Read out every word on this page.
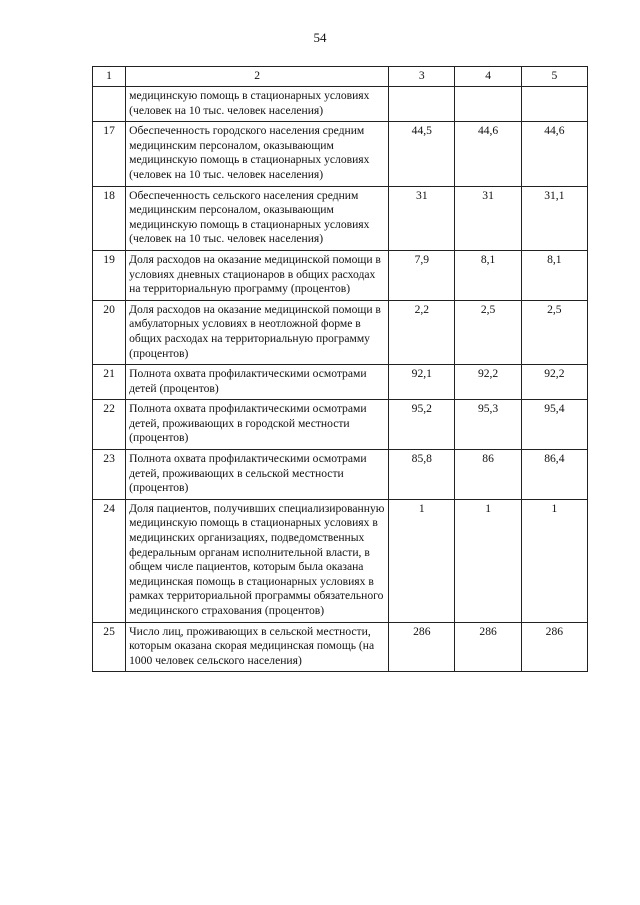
54
1	2	3	4	5
	медицинскую помощь в стационарных условиях (человек на 10 тыс. человек населения)			
17	Обеспеченность городского населения средним медицинским персоналом, оказывающим медицинскую помощь в стационарных условиях (человек на 10 тыс. человек населения)	44,5	44,6	44,6
18	Обеспеченность сельского населения средним медицинским персоналом, оказывающим медицинскую помощь в стационарных условиях (человек на 10 тыс. человек населения)	31	31	31,1
19	Доля расходов на оказание медицинской помощи в условиях дневных стационаров в общих расходах на территориальную программу (процентов)	7,9	8,1	8,1
20	Доля расходов на оказание медицинской помощи в амбулаторных условиях в неотложной форме в общих расходах на территориальную программу (процентов)	2,2	2,5	2,5
21	Полнота охвата профилактическими осмотрами детей (процентов)	92,1	92,2	92,2
22	Полнота охвата профилактическими осмотрами детей, проживающих в городской местности (процентов)	95,2	95,3	95,4
23	Полнота охвата профилактическими осмотрами детей, проживающих в сельской местности (процентов)	85,8	86	86,4
24	Доля пациентов, получивших специализированную медицинскую помощь в стационарных условиях в медицинских организациях, подведомственных федеральным органам исполнительной власти, в общем числе пациентов, которым была оказана медицинская помощь в стационарных условиях в рамках территориальной программы обязательного медицинского страхования (процентов)	1	1	1
25	Число лиц, проживающих в сельской местности, которым оказана скорая медицинская помощь (на 1000 человек сельского населения)	286	286	286
